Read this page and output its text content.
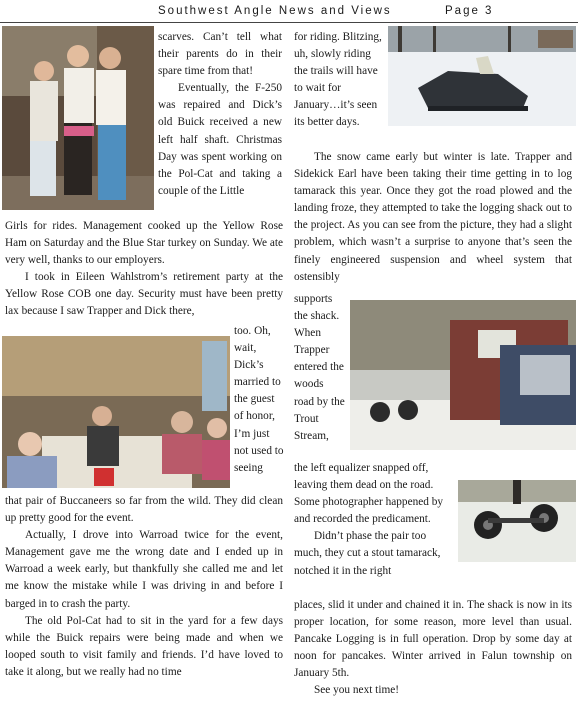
Southwest Angle News and Views	Page 3

scarves. Can’t tell what their parents do in their spare time from that!

Eventually, the F-250 was repaired and Dick’s old Buick received a new left half shaft. Christmas Day was spent working on the Pol-Cat and taking a couple of the Little

Girls for rides. Management cooked up the Yellow Rose Ham on Saturday and the Blue Star turkey on Sunday. We ate very well, thanks to our employers.

I took in Eileen Wahlstrom’s retirement party at the Yellow Rose COB one day. Security must have been pretty lax because I saw Trapper and Dick there,

too. Oh, wait, Dick’s married to the guest of honor, I’m just not used to seeing

that pair of Buccaneers so far from the wild. They did clean up pretty good for the event.

Actually, I drove into Warroad twice for the event, Management gave me the wrong date and I ended up in Warroad a week early, but thankfully she called me and let me know the mistake while I was driving in and before I barged in to crash the party.

The old Pol-Cat had to sit in the yard for a few days while the Buick repairs were being made and when we looped south to visit family and friends. I’d have loved to take it along, but we really had no time

for riding. Blitzing, uh, slowly riding the trails will have to wait for January…it’s seen its better days.

The snow came early but winter is late. Trapper and Sidekick Earl have been taking their time getting in to log tamarack this year. Once they got the road plowed and the landing froze, they attempted to take the logging shack out to the project. As you can see from the picture, they had a slight problem, which wasn’t a surprise to anyone that’s seen the finely engineered suspension and wheel system that ostensibly

supports the shack. When Trapper entered the woods road by the Trout Stream,

the left equalizer snapped off, leaving them dead on the road. Some photographer happened by and recorded the predicament.

Didn’t phase the pair too much, they cut a stout tamarack, notched it in the right

places, slid it under and chained it in. The shack is now in its proper location, for some reason, more level than usual. Pancake Logging is in full operation. Drop by some day at noon for pancakes. Winter arrived in Falun township on January 5th.

See you next time!
